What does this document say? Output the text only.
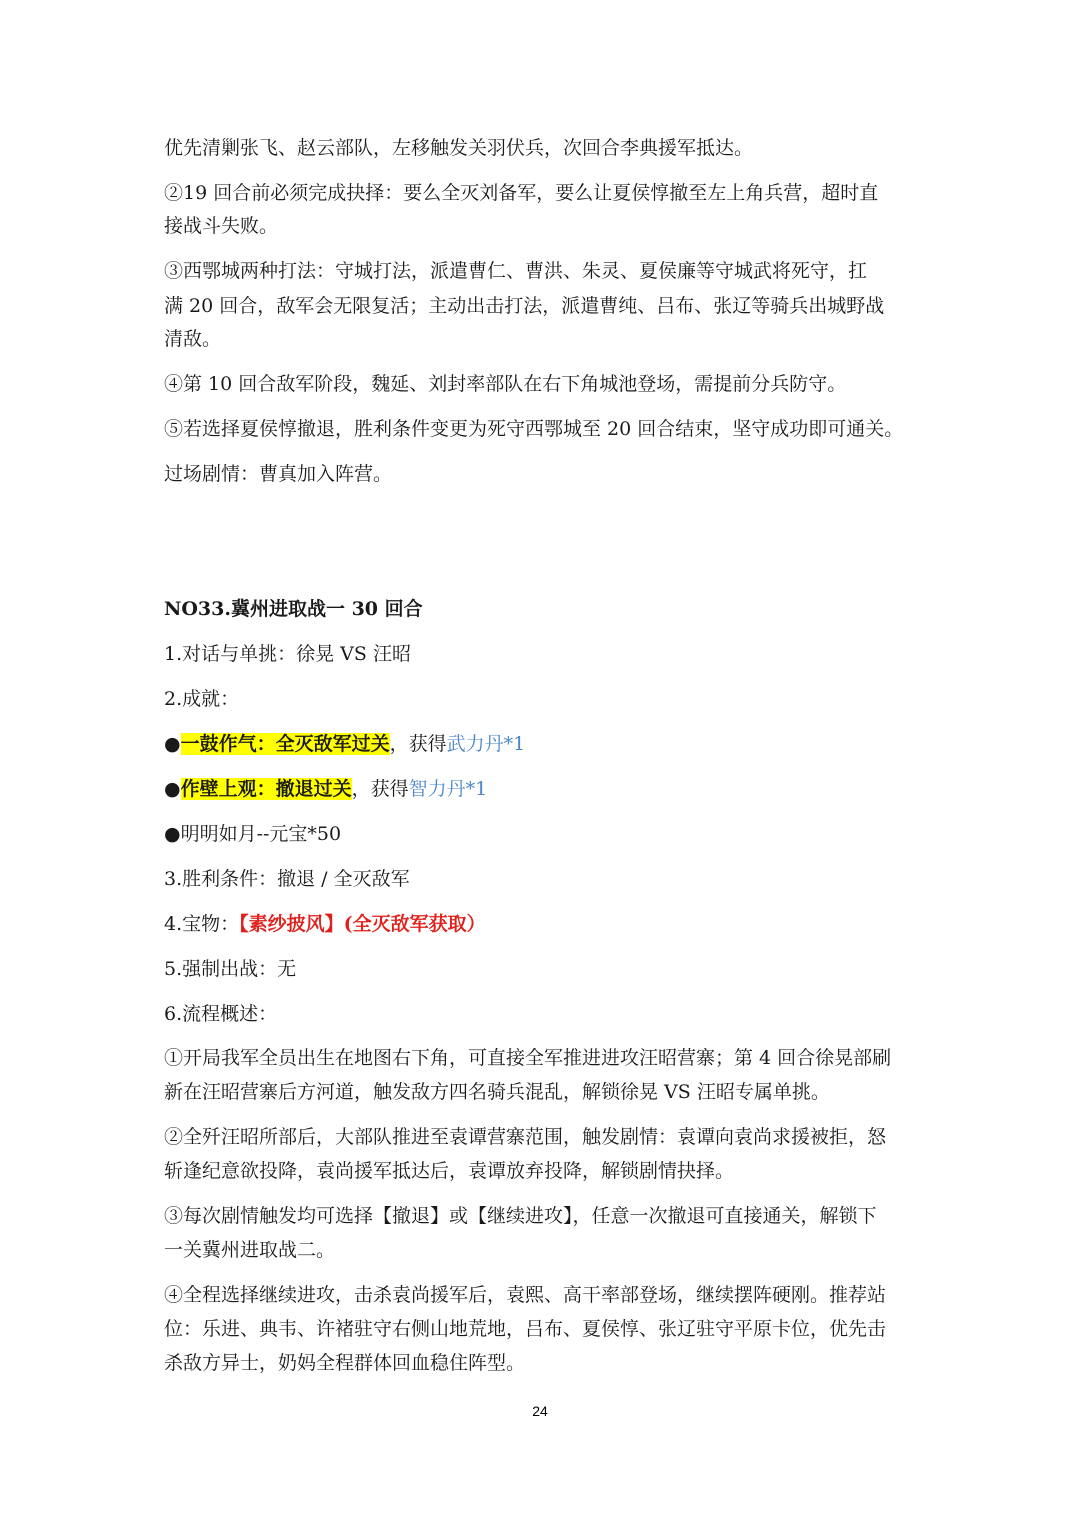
优先清剿张飞、赵云部队，左移触发关羽伏兵，次回合李典援军抵达。
②19 回合前必须完成抉择：要么全灭刘备军，要么让夏侯惇撤至左上角兵营，超时直
接战斗失败。
③西鄂城两种打法：守城打法，派遣曹仁、曹洪、朱灵、夏侯廉等守城武将死守，扛
满 20 回合，敌军会无限复活；主动出击打法，派遣曹纯、吕布、张辽等骑兵出城野战
清敌。
④第 10 回合敌军阶段，魏延、刘封率部队在右下角城池登场，需提前分兵防守。
⑤若选择夏侯惇撤退，胜利条件变更为死守西鄂城至 20 回合结束，坚守成功即可通关。
过场剧情：曹真加入阵营。
NO33.冀州进取战一 30 回合
1.对话与单挑：徐晃 VS 汪昭
2.成就：
●一鼓作气：全灭敌军过关，获得武力丹*1
●作壁上观：撤退过关，获得智力丹*1
●明明如月--元宝*50
3.胜利条件：撤退 / 全灭敌军
4.宝物：【素纱披风】(全灭敌军获取）
5.强制出战：无
6.流程概述：
①开局我军全员出生在地图右下角，可直接全军推进进攻汪昭营寨；第 4 回合徐晃部刷
新在汪昭营寨后方河道，触发敌方四名骑兵混乱，解锁徐晃 VS 汪昭专属单挑。
②全歼汪昭所部后，大部队推进至袁谭营寨范围，触发剧情：袁谭向袁尚求援被拒，怒
斩逢纪意欲投降，袁尚援军抵达后，袁谭放弃投降，解锁剧情抉择。
③每次剧情触发均可选择【撤退】或【继续进攻】，任意一次撤退可直接通关，解锁下
一关冀州进取战二。
④全程选择继续进攻，击杀袁尚援军后，袁熙、高干率部登场，继续摆阵硬刚。推荐站
位：乐进、典韦、许褚驻守右侧山地荒地，吕布、夏侯惇、张辽驻守平原卡位，优先击
杀敌方异士，奶妈全程群体回血稳住阵型。
24
